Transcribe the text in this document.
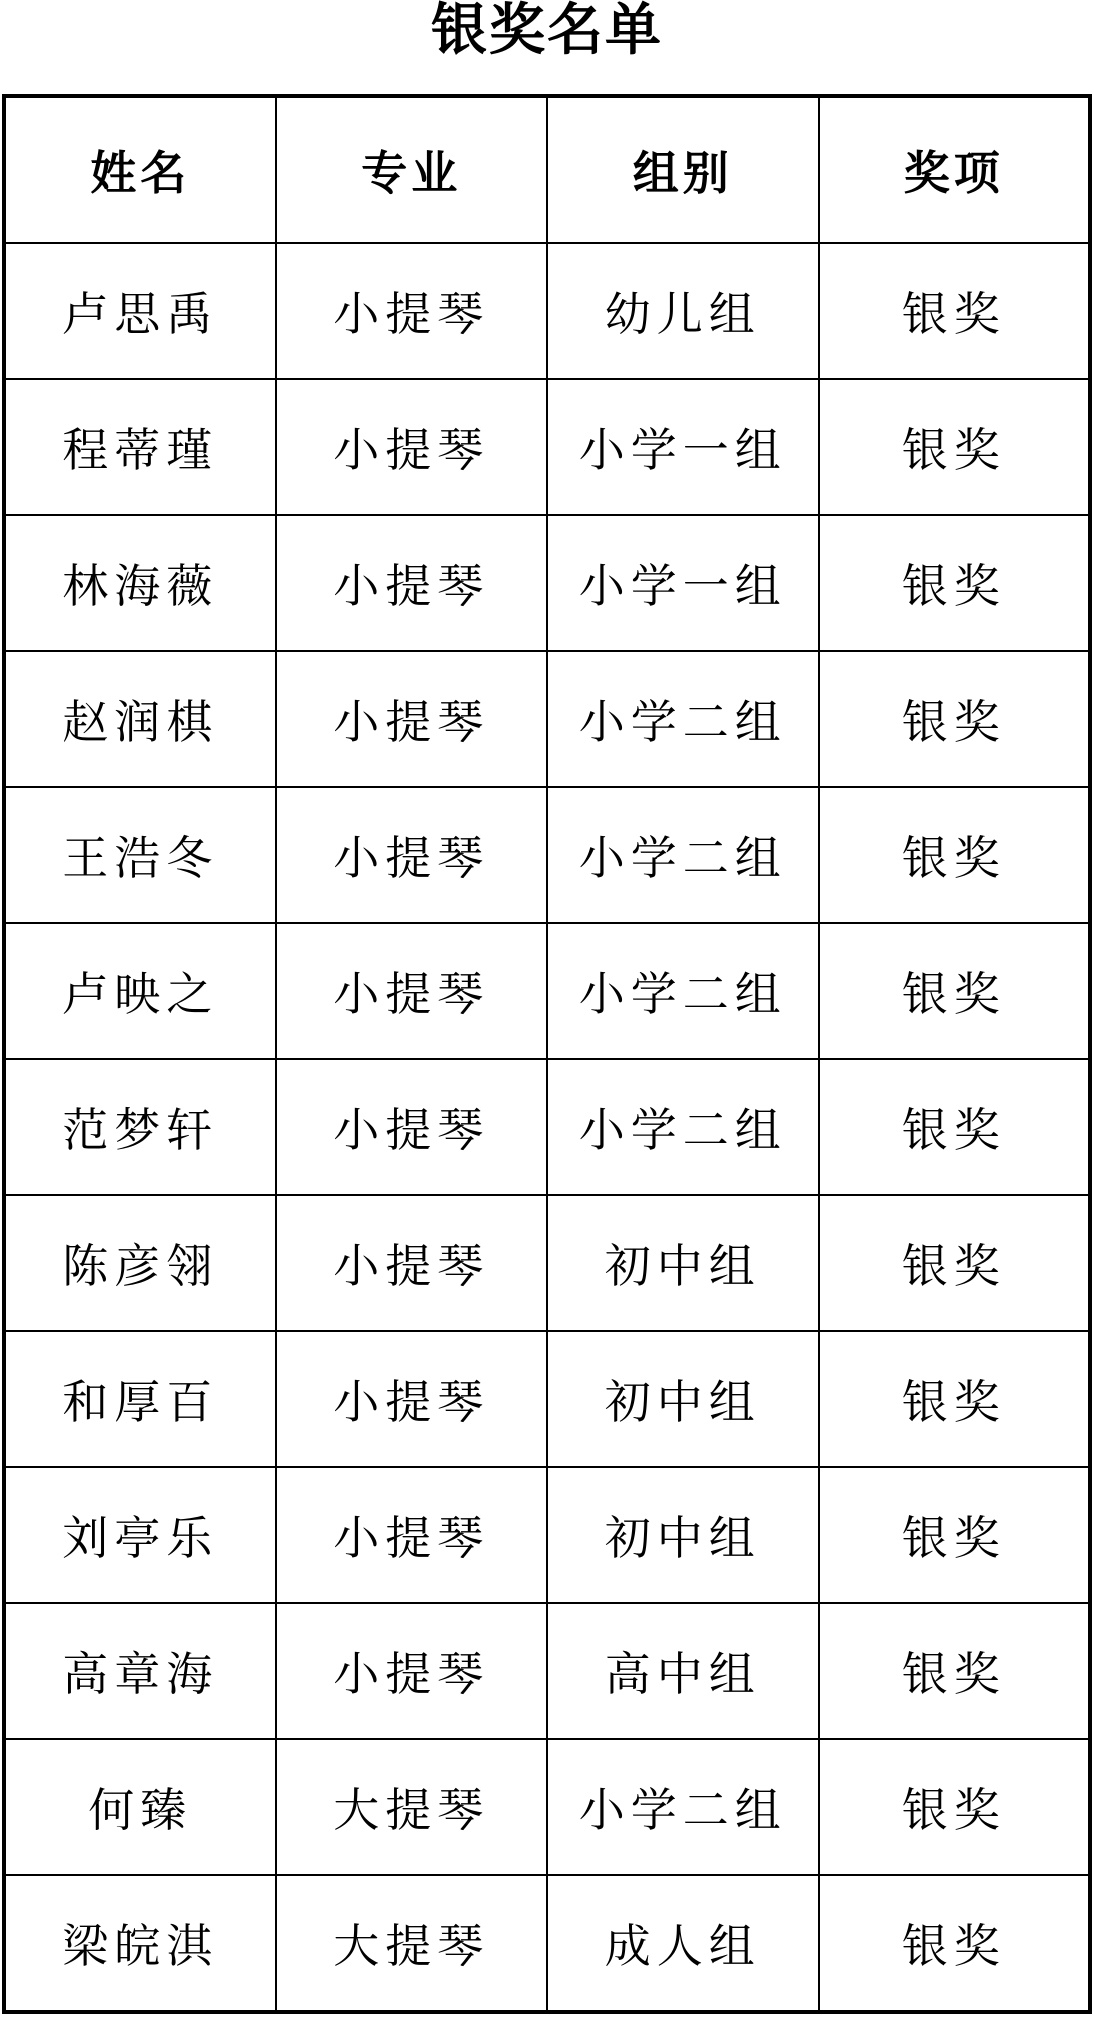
银奖名单
姓名	专业	组别	奖项
卢思禹	小提琴	幼儿组	银奖
程蒂瑾	小提琴	小学一组	银奖
林海薇	小提琴	小学一组	银奖
赵润棋	小提琴	小学二组	银奖
王浩冬	小提琴	小学二组	银奖
卢映之	小提琴	小学二组	银奖
范梦轩	小提琴	小学二组	银奖
陈彦翎	小提琴	初中组	银奖
和厚百	小提琴	初中组	银奖
刘亭乐	小提琴	初中组	银奖
高章海	小提琴	高中组	银奖
何臻	大提琴	小学二组	银奖
梁皖淇	大提琴	成人组	银奖
